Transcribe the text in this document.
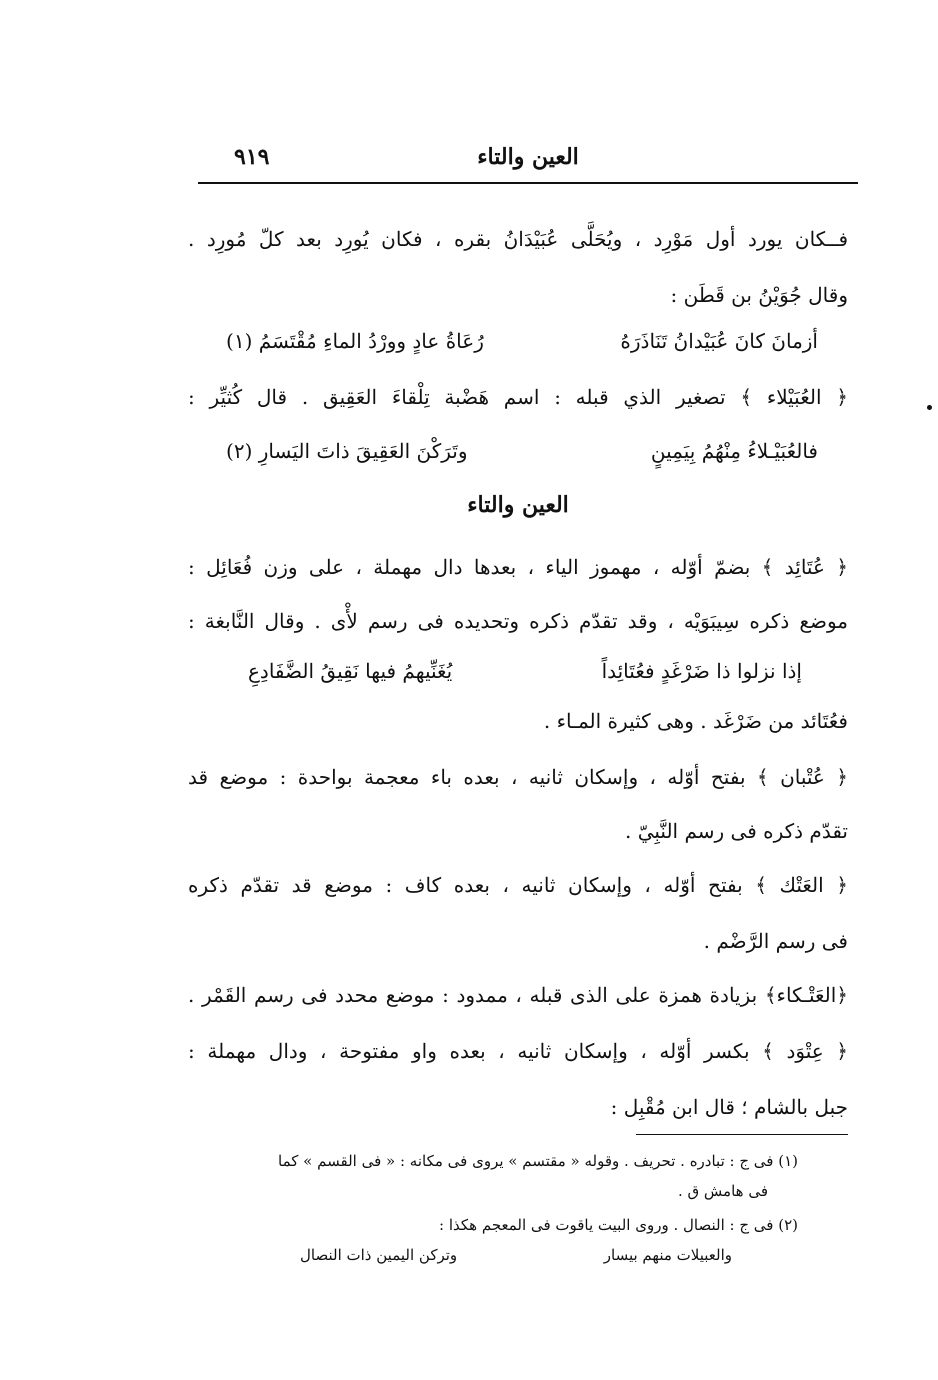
العين والتاء
٩١٩
فــكان يورد أول مَوْرِد ، ويُحَلَّى عُبَيْدَانُ بقره ، فكان يُورِد بعد كلّ مُورِد .
وقال جُوَيْنُ بن قَطَن :
أزمانَ كانَ عُبَيْدانُ تَنَاذَرَهُ
رُعَاةُ عادٍ وورْدُ الماءِ مُقْتَسَمُ (١)
﴿ العُبَيْلاء ﴾ تصغير الذي قبله : اسم هَضْبة تِلْقاءَ العَقِيق . قال كُثيِّر :
فالعُبَيْـلاءُ مِنْهُمُ بِيَمِينٍ
وتَرَكْنَ العَقِيقَ ذاتَ اليَسارِ (٢)
العين والتاء
﴿ عُتَائِد ﴾ بضمّ أوّله ، مهموز الياء ، بعدها دال مهملة ، على وزن فُعَائِل :
موضع ذكره سِيبَوَيْه ، وقد تقدّم ذكره وتحديده فى رسم لأْى . وقال النَّابغة :
إذا نزلوا ذا ضَرْغَدٍ فعُتَائِداً
يُغَنِّيهمُ فيها نَقِيقُ الضَّفَادِعِ
فعُتَائد من ضَرْغَد . وهى كثيرة المـاء .
﴿ عُتْبان ﴾ بفتح أوّله ، وإسكان ثانيه ، بعده باء معجمة بواحدة : موضع قد
تقدّم ذكره فى رسم النَّبِيّ .
﴿ العَتْك ﴾ بفتح أوّله ، وإسكان ثانيه ، بعده كاف : موضع قد تقدّم ذكره
فى رسم الرَّضْم .
﴿العَتْـكاء﴾ بزيادة همزة على الذى قبله ، ممدود : موضع محدد فى رسم القَمْر .
﴿ عِتْوَد ﴾ بكسر أوّله ، وإسكان ثانيه ، بعده واو مفتوحة ، ودال مهملة :
جبل بالشام ؛ قال ابن مُقْبِل :
(١) فى ج : تبادره . تحريف . وقوله « مقتسم » يروى فى مكانه : « فى القسم » كما
فى هامش ق .
(٢) فى ج : النصال . وروى البيت ياقوت فى المعجم هكذا :
والعبيلات منهم بيسار
وتركن اليمين ذات النصال
